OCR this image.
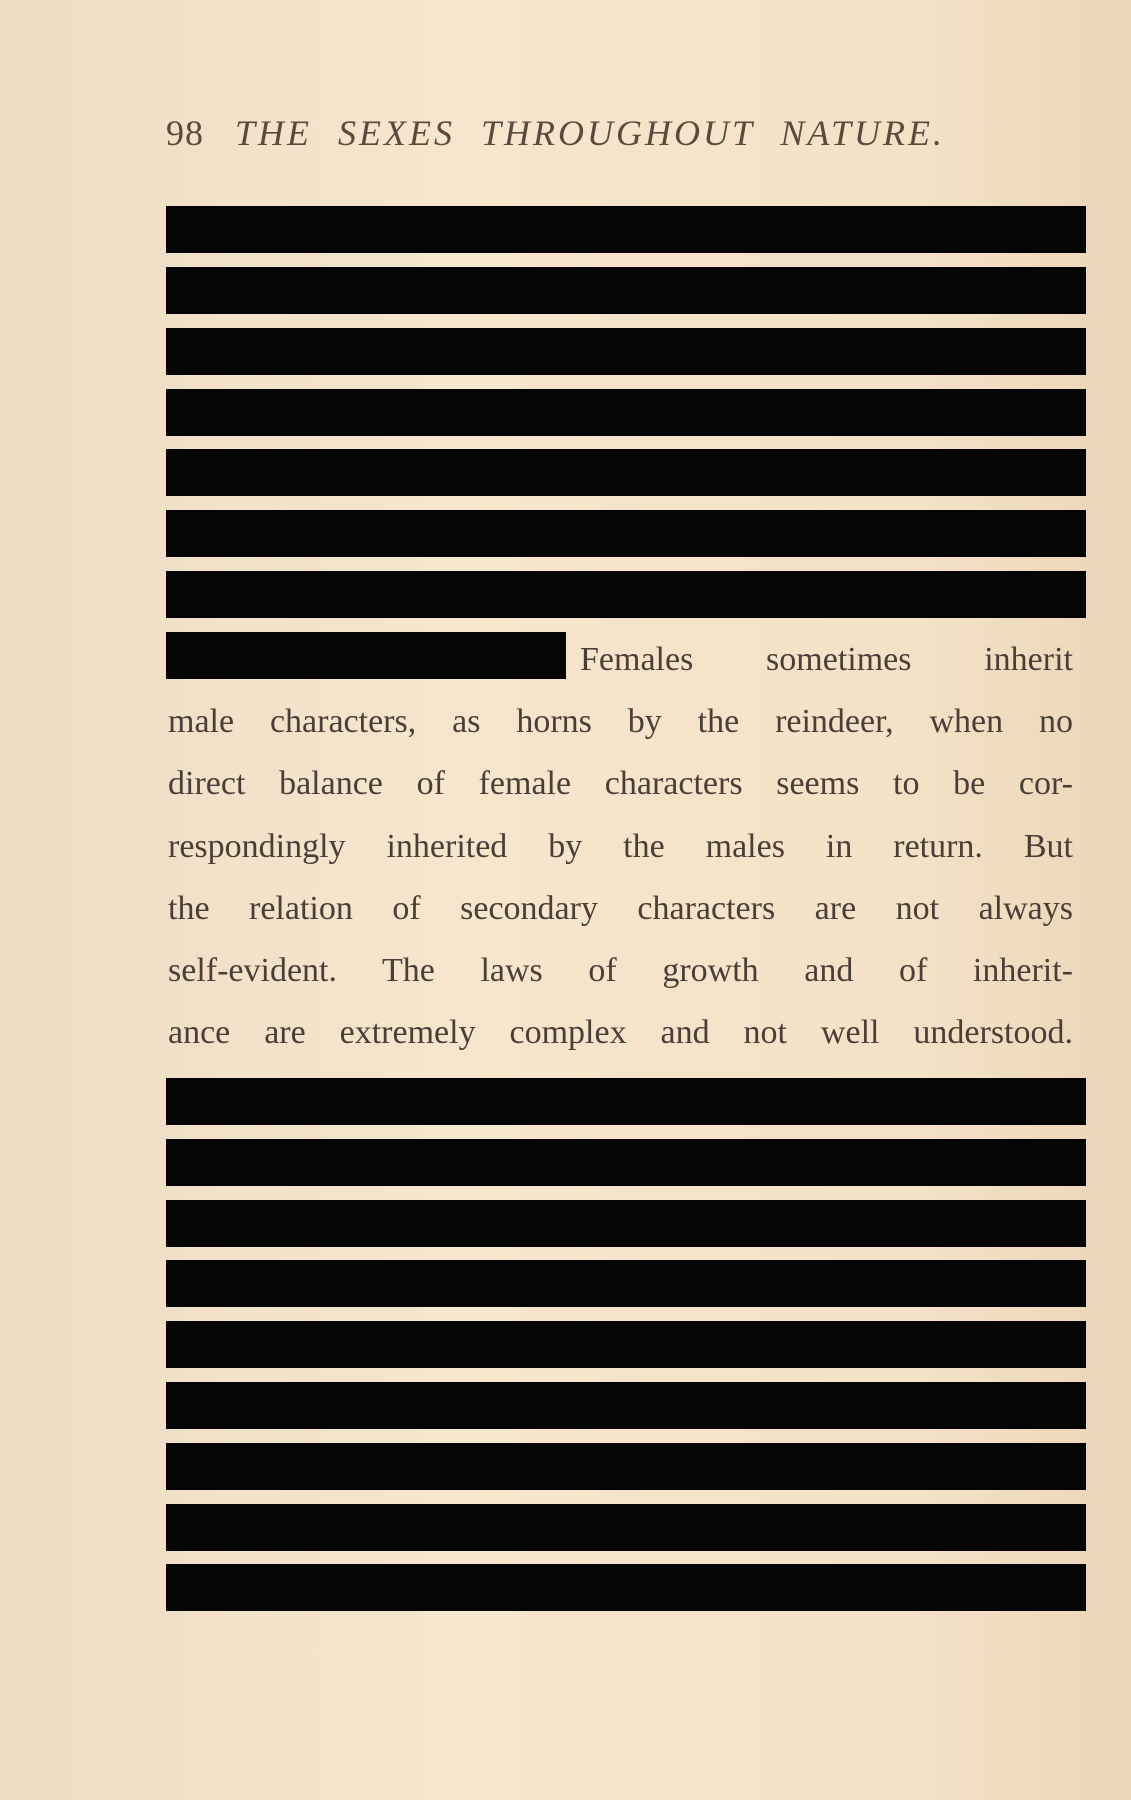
98 THE SEXES THROUGHOUT NATURE.
Females sometimes inherit
male characters, as horns by the reindeer, when no
direct balance of female characters seems to be cor-
respondingly inherited by the males in return. But
the relation of secondary characters are not always
self-evident. The laws of growth and of inherit-
ance are extremely complex and not well understood.
